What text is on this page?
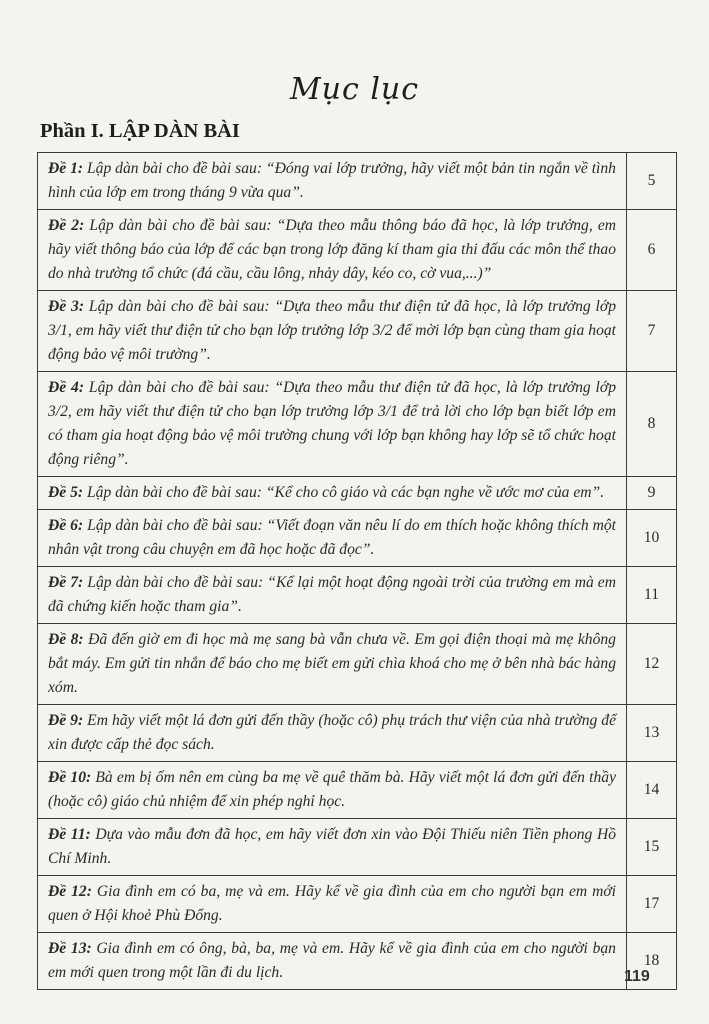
Mục lục
Phần I. LẬP DÀN BÀI
Đề 1: Lập dàn bài cho đề bài sau: “Đóng vai lớp trưởng, hãy viết một bản tin ngắn về tình hình của lớp em trong tháng 9 vừa qua”.	5
Đề 2: Lập dàn bài cho đề bài sau: “Dựa theo mẫu thông báo đã học, là lớp trưởng, em hãy viết thông báo của lớp để các bạn trong lớp đăng kí tham gia thi đấu các môn thể thao do nhà trường tổ chức (đá cầu, cầu lông, nhảy dây, kéo co, cờ vua,...)”	6
Đề 3: Lập dàn bài cho đề bài sau: “Dựa theo mẫu thư điện tử đã học, là lớp trưởng lớp 3/1, em hãy viết thư điện tử cho bạn lớp trưởng lớp 3/2 để mời lớp bạn cùng tham gia hoạt động bảo vệ môi trường”.	7
Đề 4: Lập dàn bài cho đề bài sau: “Dựa theo mẫu thư điện tử đã học, là lớp trưởng lớp 3/2, em hãy viết thư điện tử cho bạn lớp trưởng lớp 3/1 để trả lời cho lớp bạn biết lớp em có tham gia hoạt động bảo vệ môi trường chung với lớp bạn không hay lớp sẽ tổ chức hoạt động riêng”.	8
Đề 5: Lập dàn bài cho đề bài sau: “Kể cho cô giáo và các bạn nghe về ước mơ của em”.	9
Đề 6: Lập dàn bài cho đề bài sau: “Viết đoạn văn nêu lí do em thích hoặc không thích một nhân vật trong câu chuyện em đã học hoặc đã đọc”.	10
Đề 7: Lập dàn bài cho đề bài sau: “Kể lại một hoạt động ngoài trời của trường em mà em đã chứng kiến hoặc tham gia”.	11
Đề 8: Đã đến giờ em đi học mà mẹ sang bà vẫn chưa về. Em gọi điện thoại mà mẹ không bắt máy. Em gửi tin nhắn để báo cho mẹ biết em gửi chìa khoá cho mẹ ở bên nhà bác hàng xóm.	12
Đề 9: Em hãy viết một lá đơn gửi đến thầy (hoặc cô) phụ trách thư viện của nhà trường để xin được cấp thẻ đọc sách.	13
Đề 10: Bà em bị ốm nên em cùng ba mẹ về quê thăm bà. Hãy viết một lá đơn gửi đến thầy (hoặc cô) giáo chủ nhiệm để xin phép nghỉ học.	14
Đề 11: Dựa vào mẫu đơn đã học, em hãy viết đơn xin vào Đội Thiếu niên Tiền phong Hồ Chí Minh.	15
Đề 12: Gia đình em có ba, mẹ và em. Hãy kể về gia đình của em cho người bạn em mới quen ở Hội khoẻ Phù Đổng.	17
Đề 13: Gia đình em có ông, bà, ba, mẹ và em. Hãy kể về gia đình của em cho người bạn em mới quen trong một lần đi du lịch.	18
119
